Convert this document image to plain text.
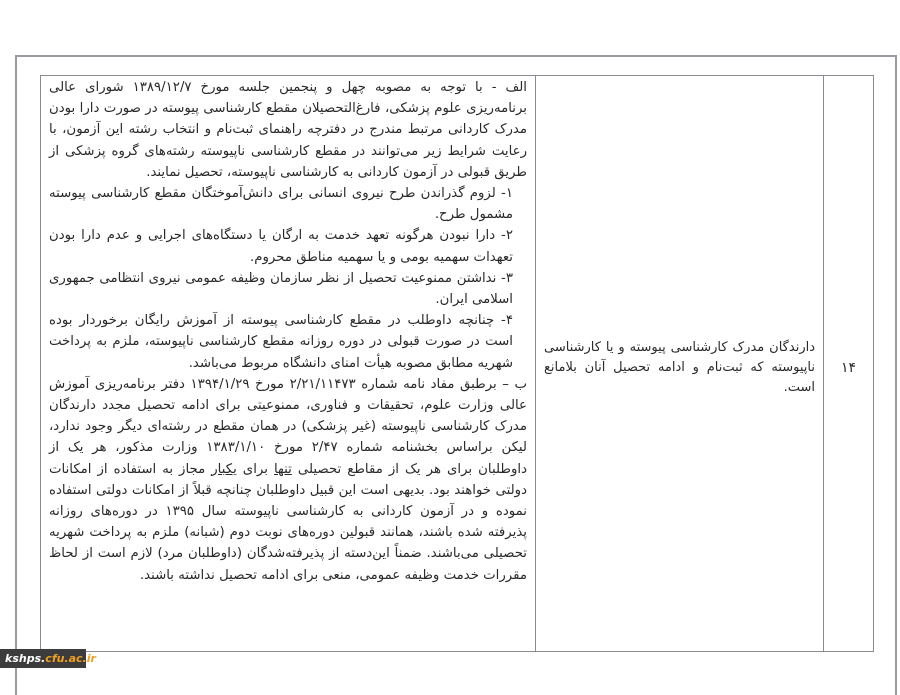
۱۴

دارندگان مدرک کارشناسی پیوسته و یا کارشناسی ناپیوسته که ثبت‌نام و ادامه تحصیل آنان بلامانع است.

الف - با توجه به مصوبه چهل و پنجمین جلسه مورخ ۱۳۸۹/۱۲/۷ شورای عالی برنامه‌ریزی علوم پزشکی، فارغ‌التحصیلان مقطع کارشناسی پیوسته در صورت دارا بودن مدرک کاردانی مرتبط مندرج در دفترچه راهنمای ثبت‌نام و انتخاب رشته این آزمون، با رعایت شرایط زیر می‌توانند در مقطع کارشناسی ناپیوسته رشته‌های گروه پزشکی از طریق قبولی در آزمون کاردانی به کارشناسی ناپیوسته، تحصیل نمایند.

۱- لزوم گذراندن طرح نیروی انسانی برای دانش‌آموختگان مقطع کارشناسی پیوسته مشمول طرح.

۲- دارا نبودن هرگونه تعهد خدمت به ارگان یا دستگاه‌های اجرایی و عدم دارا بودن تعهدات سهمیه بومی و یا سهمیه مناطق محروم.

۳- نداشتن ممنوعیت تحصیل از نظر سازمان وظیفه عمومی نیروی انتظامی جمهوری اسلامی ایران.

۴- چنانچه داوطلب در مقطع کارشناسی پیوسته از آموزش رایگان برخوردار بوده است در صورت قبولی در دوره روزانه مقطع کارشناسی ناپیوسته، ملزم به پرداخت شهریه مطابق مصوبه هیأت امنای دانشگاه مربوط می‌باشد.

ب – برطبق مفاد نامه شماره ۲/۲۱/۱۱۴۷۳ مورخ ۱۳۹۴/۱/۲۹ دفتر برنامه‌ریزی آموزش عالی وزارت علوم، تحقیقات و فناوری، ممنوعیتی برای ادامه تحصیل مجدد دارندگان مدرک کارشناسی ناپیوسته (غیر پزشکی) در همان مقطع در رشته‌ای دیگر وجود ندارد، لیکن براساس بخشنامه شماره ۲/۴۷ مورخ ۱۳۸۳/۱/۱۰ وزارت مذکور، هر یک از داوطلبان برای هر یک از مقاطع تحصیلی تنها برای یکبار مجاز به استفاده از امکانات دولتی خواهند بود. بدیهی است این قبیل داوطلبان چنانچه قبلاً از امکانات دولتی استفاده نموده و در آزمون کاردانی به کارشناسی ناپیوسته سال ۱۳۹۵ در دوره‌های روزانه پذیرفته شده باشند، همانند قبولین دوره‌های نوبت دوم (شبانه) ملزم به پرداخت شهریه تحصیلی می‌باشند. ضمناً این‌دسته از پذیرفته‌شدگان (داوطلبان مرد) لازم است از لحاظ مقررات خدمت وظیفه عمومی، منعی برای ادامه تحصیل نداشته باشند.

kshps.cfu.ac.ir
